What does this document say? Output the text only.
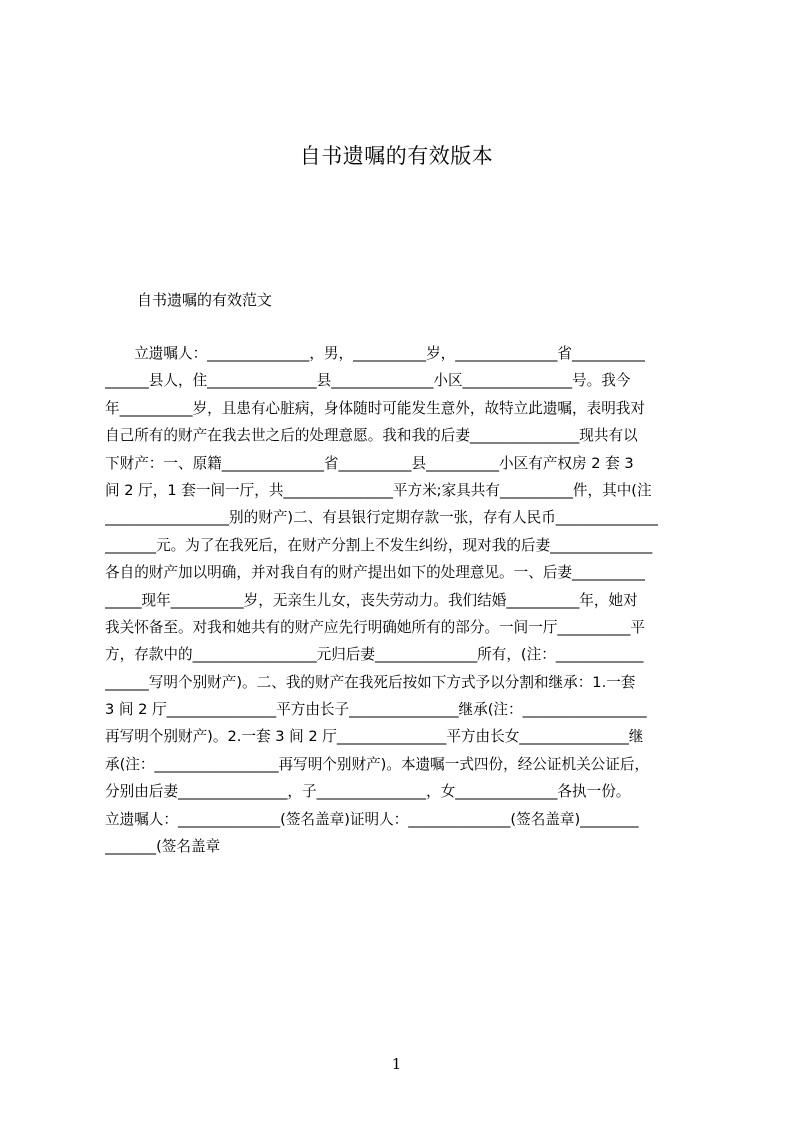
自书遗嘱的有效版本
自书遗嘱的有效范文
　　立遗嘱人：______________，男，__________岁，______________省__________
______县人，住_______________县______________小区_______________号。我今
年__________岁，且患有心脏病，身体随时可能发生意外，故特立此遗嘱，表明我对
自己所有的财产在我去世之后的处理意愿。我和我的后妻_______________现共有以
下财产：一、原籍______________省__________县__________小区有产权房 2 套 3
间 2 厅，1 套一间一厅，共_______________平方米;家具共有__________件，其中(注
_________________别的财产)二、有县银行定期存款一张，存有人民币______________
_______元。为了在我死后，在财产分割上不发生纠纷，现对我的后妻______________
各自的财产加以明确，并对我自有的财产提出如下的处理意见。一、后妻__________
_____现年__________岁，无亲生儿女，丧失劳动力。我们结婚__________年，她对
我关怀备至。对我和她共有的财产应先行明确她所有的部分。一间一厅__________平
方，存款中的_________________元归后妻______________所有，(注：____________
______写明个别财产)。二、我的财产在我死后按如下方式予以分割和继承：1.一套
3 间 2 厅_______________平方由长子_______________继承(注：_________________
再写明个别财产)。2.一套 3 间 2 厅_______________平方由长女_______________继
承(注：_________________再写明个别财产)。本遗嘱一式四份，经公证机关公证后，
分别由后妻_______________，子_______________，女______________各执一份。
立遗嘱人：______________(签名盖章)证明人：______________(签名盖章)________
_______(签名盖章
1
